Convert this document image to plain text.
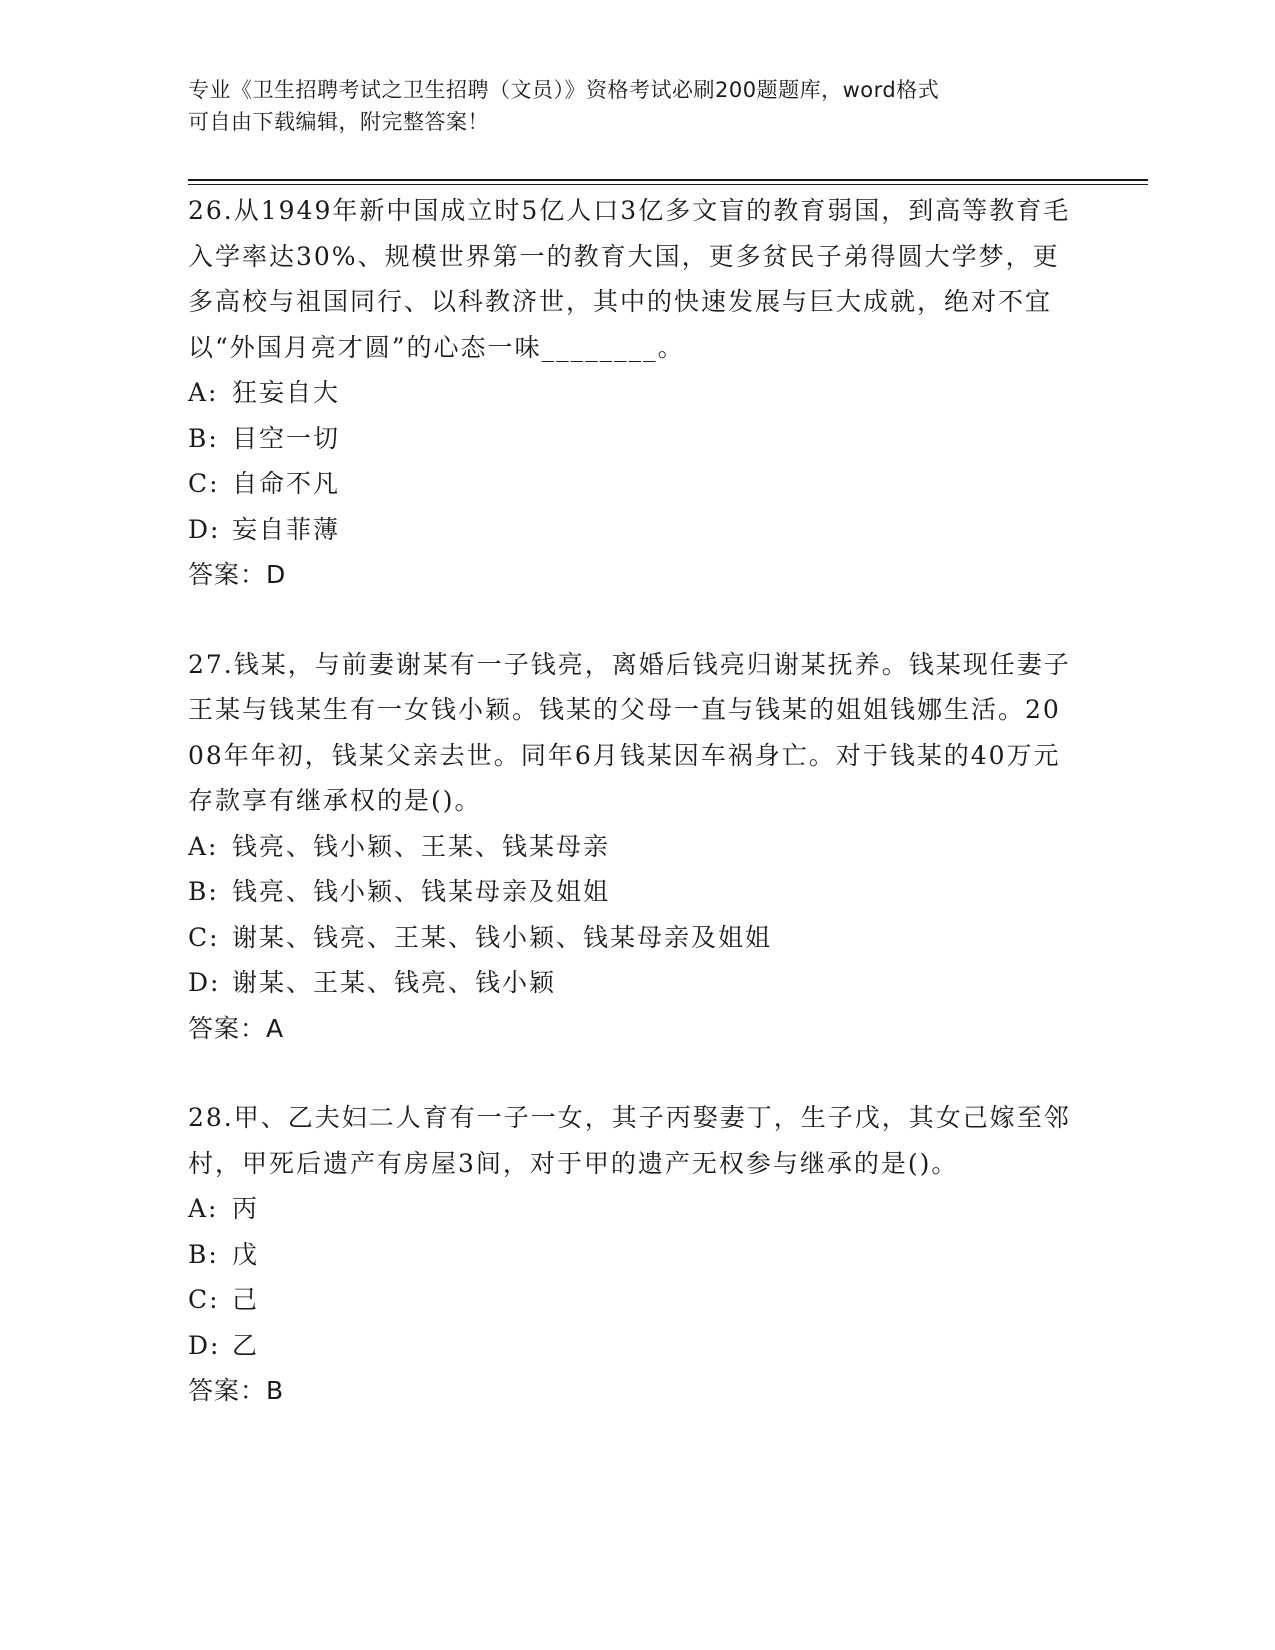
专业《卫生招聘考试之卫生招聘（文员）》资格考试必刷200题题库，word格式
可自由下载编辑，附完整答案！
26.从1949年新中国成立时5亿人口3亿多文盲的教育弱国，到高等教育毛入学率达30%、规模世界第一的教育大国，更多贫民子弟得圆大学梦，更多高校与祖国同行、以科教济世，其中的快速发展与巨大成就，绝对不宜以“外国月亮才圆”的心态一味________。
A: 狂妄自大
B: 目空一切
C: 自命不凡
D: 妄自菲薄
答案：D
27.钱某，与前妻谢某有一子钱亮，离婚后钱亮归谢某抚养。钱某现任妻子王某与钱某生有一女钱小颖。钱某的父母一直与钱某的姐姐钱娜生活。2008年年初，钱某父亲去世。同年6月钱某因车祸身亡。对于钱某的40万元存款享有继承权的是()。
A: 钱亮、钱小颖、王某、钱某母亲
B: 钱亮、钱小颖、钱某母亲及姐姐
C: 谢某、钱亮、王某、钱小颖、钱某母亲及姐姐
D: 谢某、王某、钱亮、钱小颖
答案：A
28.甲、乙夫妇二人育有一子一女，其子丙娶妻丁，生子戊，其女己嫁至邻村，甲死后遗产有房屋3间，对于甲的遗产无权参与继承的是()。
A: 丙
B: 戊
C: 己
D: 乙
答案：B
